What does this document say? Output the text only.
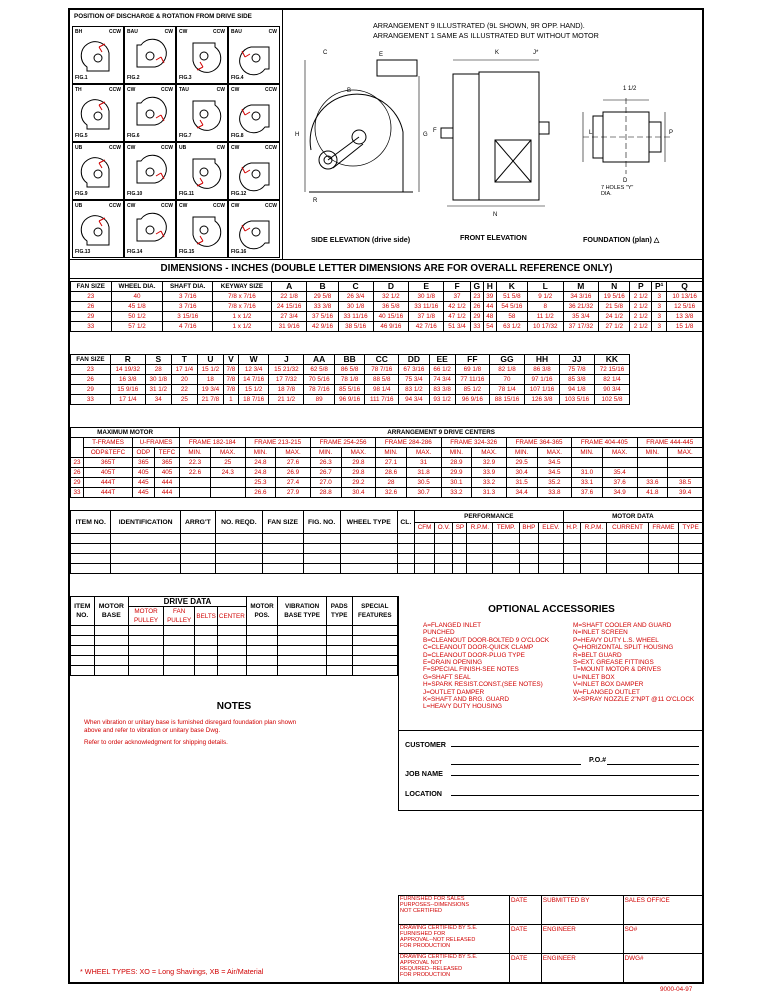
POSITION OF DISCHARGE & ROTATION FROM DRIVE SIDE
BH	CCW
FIG.1
BAU	CW
FIG.2
CW	CCW
FIG.3
BAU	CW
FIG.4
TH	CCW
FIG.5
CW	CCW
FIG.6
TAU	CW
FIG.7
CW	CCW
FIG.8
UB	CCW
FIG.9
CW	CCW
FIG.10
UB	CW
FIG.11
CW	CCW
FIG.12
UB	CCW
FIG.13
CW	CCW
FIG.14
CW	CCW
FIG.15
CW	CCW
FIG.16
ARRANGEMENT 9 ILLUSTRATED (9L SHOWN, 9R OPP. HAND).
ARRANGEMENT 1 SAME AS ILLUSTRATED BUT WITHOUT MOTOR
C	E
B
H	G
R
K	J*
F
N
L	P
D
1 1/2
7 HOLES "Y" DIA.
SIDE ELEVATION (drive side)	FRONT ELEVATION	FOUNDATION (plan) △
DIMENSIONS - INCHES (DOUBLE LETTER DIMENSIONS ARE FOR OVERALL REFERENCE ONLY)
FAN SIZE	WHEEL DIA.	SHAFT DIA.	KEYWAY SIZE	A	B	C	D	E	F	G	H	K	L	M	N	P	P¹	Q
23	40	3 7/16	7/8 x 7/16	22 1/8	29 5/8	26 3/4	32 1/2	30 1/8	37	23	39	51 5/8	9 1/2	34 3/16	19 5/16	2 1/2	3	10 13/16
26	45 1/8	3 7/16	7/8 x 7/16	24 15/16	33 3/8	30 1/8	36 5/8	33 11/16	42 1/2	26	44	54 5/16	8	36 21/32	21 5/8	2 1/2	3	12 5/16
29	50 1/2	3 15/16	1 x 1/2	27 3/4	37 5/16	33 11/16	40 15/16	37 1/8	47 1/2	29	48	58	11 1/2	35 3/4	24 1/2	2 1/2	3	13 3/8
33	57 1/2	4 7/16	1 x 1/2	31 9/16	42 9/16	38 5/16	46 9/16	42 7/16	51 3/4	33	54	63 1/2	10 17/32	37 17/32	27 1/2	2 1/2	3	15 1/8
FAN SIZE	R	S	T	U	V	W	J	AA	BB	CC	DD	EE	FF	GG	HH	JJ	KK
23	14 19/32	28	17 1/4	15 1/2	7/8	12 3/4	15 21/32	62 5/8	86 5/8	78 7/16	67 3/16	66 1/2	69 1/8	82 1/8	86 3/8	75 7/8	72 15/16
26	16 3/8	30 1/8	20	18	7/8	14 7/16	17 7/32	70 5/16	78 1/8	88 5/8	75 3/4	74 3/4	77 11/16	70	97 1/16	85 3/8	82 1/4
29	15 9/16	31 1/2	22	19 3/4	7/8	15 1/2	18 7/8	78 7/16	85 5/16	98 1/4	83 1/2	83 3/8	85 1/2	78 1/4	107 1/16	94 1/8	90 3/4
33	17 1/4	34	25	21 7/8	1	18 7/16	21 1/2	89	96 9/16	111 7/16	94 3/4	93 1/2	96 9/16	88 15/16	126 3/8	103 5/16	102 5/8
MAXIMUM MOTOR				ARRANGEMENT 9 DRIVE CENTERS															
	T-FRAMES	U-FRAMES		FRAME 182-184		FRAME 213-215		FRAME 254-256		FRAME 284-286		FRAME 324-326		FRAME 364-365		FRAME 404-405		FRAME 444-445	
	ODP&TEFC	ODP	TEFC	MIN.	MAX.	MIN.	MAX.	MIN.	MAX.	MIN.	MAX.	MIN.	MAX.	MIN.	MAX.	MIN.	MAX.	MIN.	MAX.
23	365T	365	365	22.3	25	24.8	27.6	26.3	29.8	27.1	31	28.9	32.9	29.5	34.5				
26	405T	405	405	22.6	24.3	24.8	26.9	26.7	29.8	28.6	31.8	29.9	33.9	30.4	34.5	31.0	35.4		
29	444T	445	444			25.3	27.4	27.0	29.2	28	30.5	30.1	33.2	31.5	35.2	33.1	37.6	33.6	38.5
33	444T	445	444			26.6	27.9	28.8	30.4	32.6	30.7	33.2	31.3	34.4	33.8	37.6	34.9	41.8	39.4
ITEM NO.	IDENTIFICATION	ARRG'T	NO. REQD.	FAN SIZE	FIG. NO.	WHEEL TYPE	CL.	PERFORMANCE							MOTOR DATA				
								CFM	O.V.	SP	R.P.M.	TEMP.	BHP	ELEV.	H.P.	R.P.M.	CURRENT	FRAME	TYPE

ITEM NO.	MOTOR BASE	DRIVE DATA				MOTOR POS.	VIBRATION BASE TYPE	PADS TYPE	SPECIAL FEATURES
		MOTOR PULLEY	FAN PULLEY	BELTS	CENTER				

OPTIONAL ACCESSORIES
A=FLANGED INLET
PUNCHED
B=CLEANOUT DOOR-BOLTED 9 O'CLOCK
C=CLEANOUT DOOR-QUICK CLAMP
D=CLEANOUT DOOR-PLUG TYPE
E=DRAIN OPENING
F=SPECIAL FINISH-SEE NOTES
G=SHAFT SEAL
H=SPARK RESIST.CONST.(SEE NOTES)
J=OUTLET DAMPER
K=SHAFT AND BRG. GUARD
L=HEAVY DUTY HOUSING
M=SHAFT COOLER AND GUARD
N=INLET SCREEN
P=HEAVY DUTY L.S. WHEEL
Q=HORIZONTAL SPLIT HOUSING
R=BELT GUARD
S=EXT. GREASE FITTINGS
T=MOUNT MOTOR & DRIVES
U=INLET BOX
V=INLET BOX DAMPER
W=FLANGED OUTLET
X=SPRAY NOZZLE 2"NPT @11 O'CLOCK
NOTES
When vibration or unitary base is furnished disregard foundation plan shown
above and refer to vibration or unitary base Dwg.
Refer to order acknowledgment for shipping details.	CUSTOMER
P.O.#
JOB NAME
LOCATION
FURNISHED FOR SALES
PURPOSES--DIMENSIONS
NOT CERTIFIED	DATE	SUBMITTED BY	SALES OFFICE

DRAWING CERTIFIED BY S.E.
FURNISHED FOR
APPROVAL--NOT RELEASED
FOR PRODUCTION	DATE	ENGINEER	SO#

DRAWING CERTIFIED BY S.E.
APPROVAL NOT
REQUIRED--RELEASED
FOR PRODUCTION	DATE	ENGINEER	DWG#
* WHEEL TYPES: XO = Long Shavings, XB = Air/Material
9000-04-97
